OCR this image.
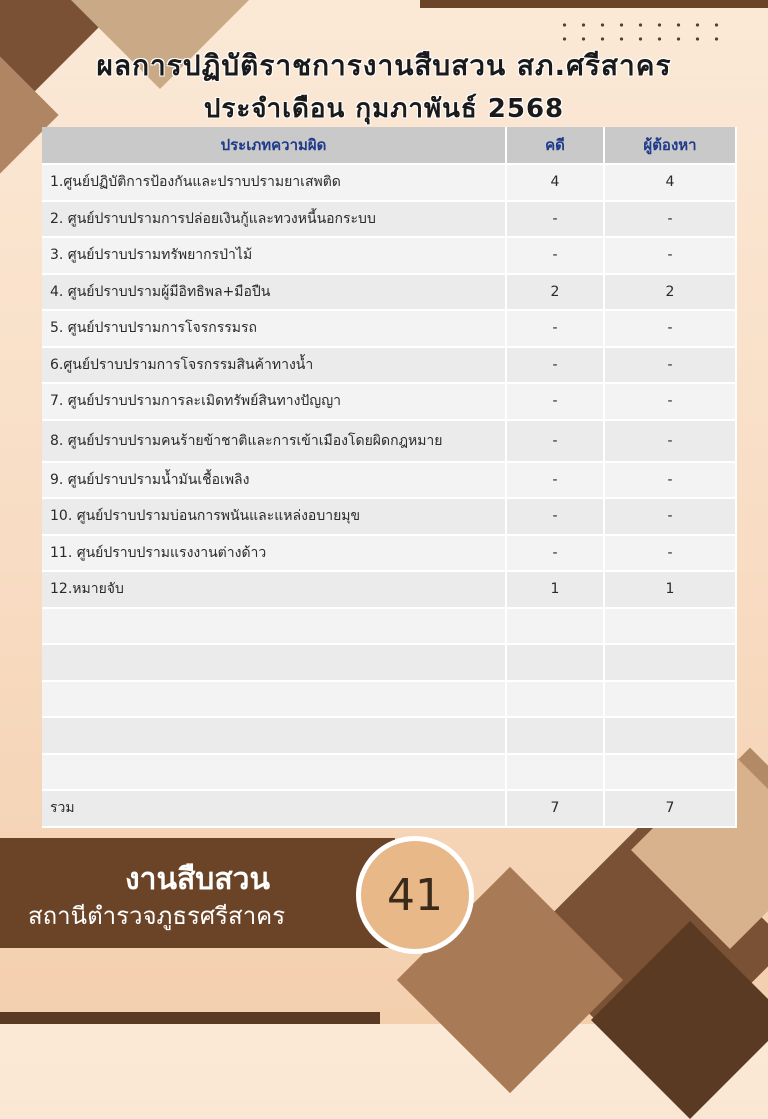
ผลการปฏิบัติราชการงานสืบสวน สภ.ศรีสาคร
ประจำเดือน กุมภาพันธ์ 2568
ประเภทความผิด	คดี	ผู้ต้องหา
1.ศูนย์ปฏิบัติการป้องกันและปราบปรามยาเสพติด	4	4
2. ศูนย์ปราบปรามการปล่อยเงินกู้และทวงหนี้นอกระบบ	-	-
3. ศูนย์ปราบปรามทรัพยากรป่าไม้	-	-
4. ศูนย์ปราบปรามผู้มีอิทธิพล+มือปืน	2	2
5. ศูนย์ปราบปรามการโจรกรรมรถ	-	-
6.ศูนย์ปราบปรามการโจรกรรมสินค้าทางน้ำ	-	-
7. ศูนย์ปราบปรามการละเมิดทรัพย์สินทางปัญญา	-	-
8. ศูนย์ปราบปรามคนร้ายข้าชาติและการเข้าเมืองโดยผิดกฎหมาย	-	-
9. ศูนย์ปราบปรามน้ำมันเชื้อเพลิง	-	-
10. ศูนย์ปราบปรามบ่อนการพนันและแหล่งอบายมุข	-	-
11. ศูนย์ปราบปรามแรงงานต่างด้าว	-	-
12.หมายจับ	1	1

รวม	7	7
งานสืบสวน
สถานีตำรวจภูธรศรีสาคร	41
